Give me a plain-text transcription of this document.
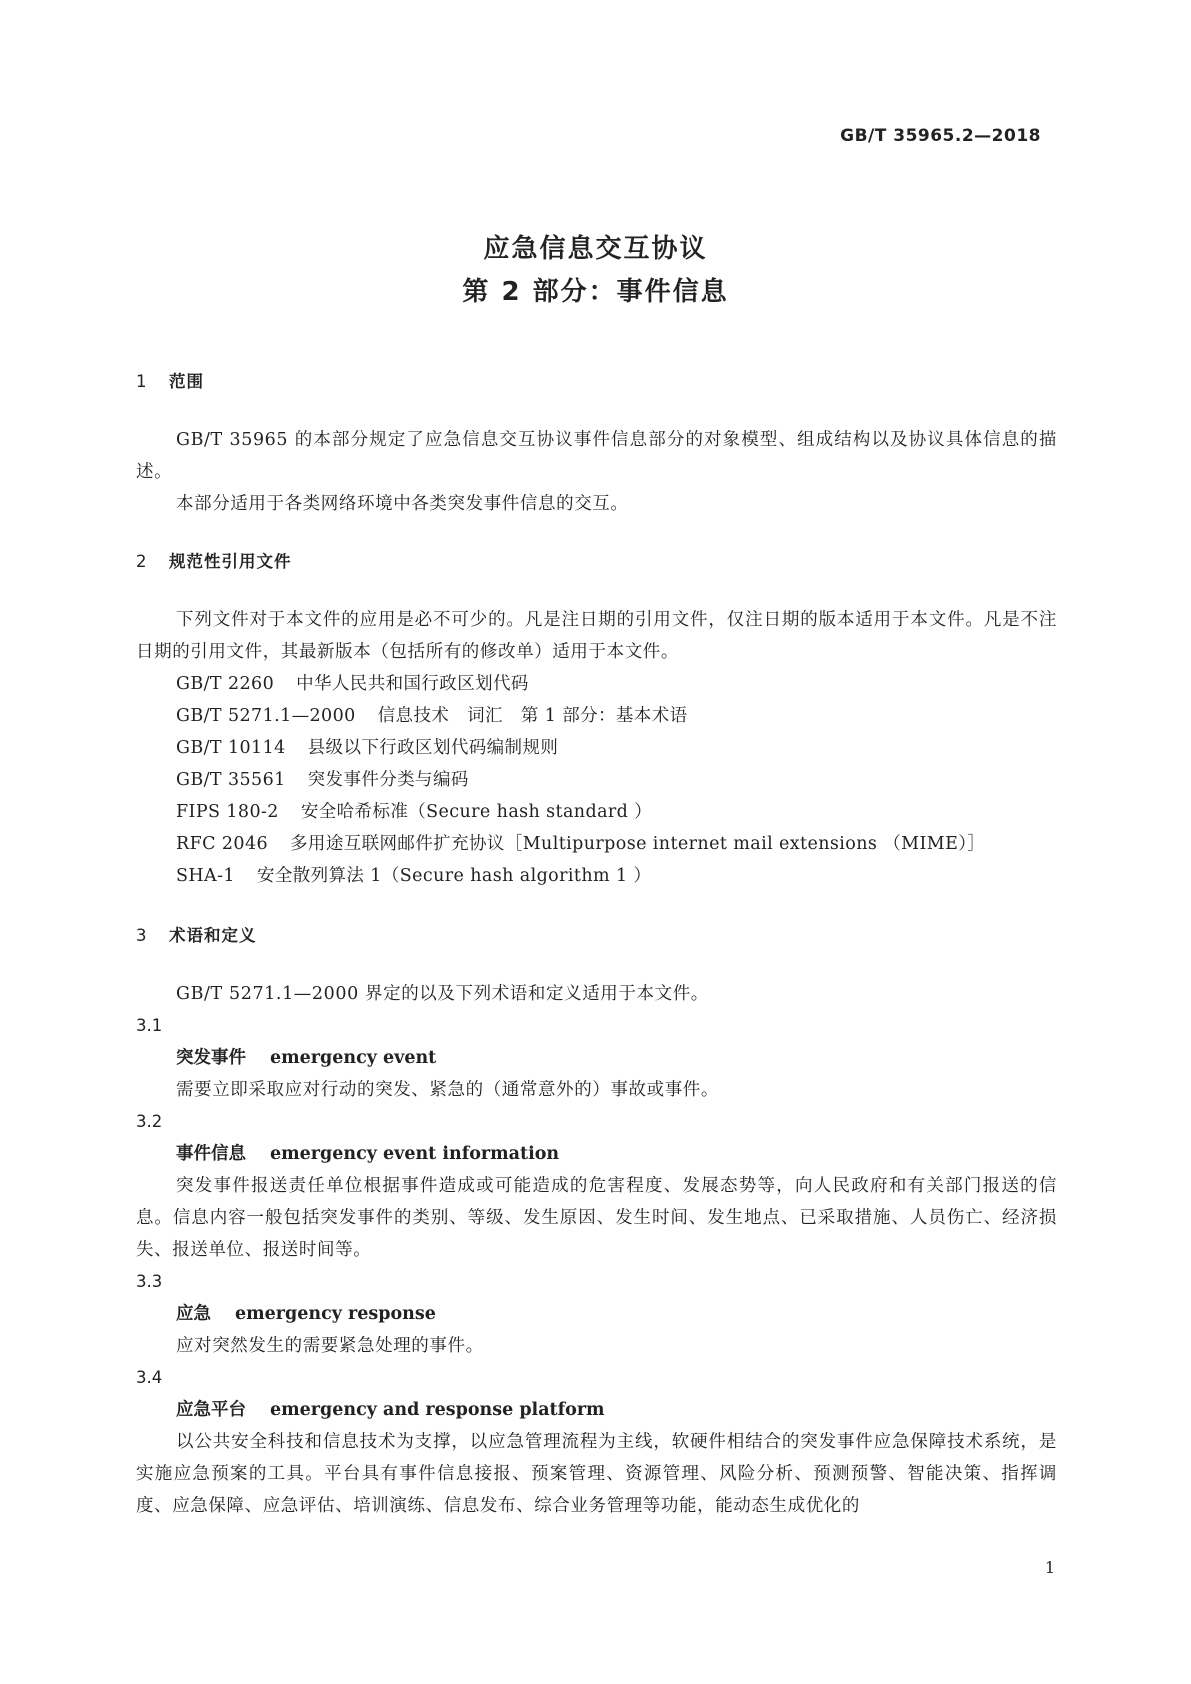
GB/T 35965.2—2018
应急信息交互协议
第 2 部分：事件信息
1 范围

GB/T 35965 的本部分规定了应急信息交互协议事件信息部分的对象模型、组成结构以及协议具体信息的描述。

本部分适用于各类网络环境中各类突发事件信息的交互。

2 规范性引用文件

下列文件对于本文件的应用是必不可少的。凡是注日期的引用文件，仅注日期的版本适用于本文件。凡是不注日期的引用文件，其最新版本（包括所有的修改单）适用于本文件。

GB/T 2260 中华人民共和国行政区划代码

GB/T 5271.1—2000 信息技术　词汇　第 1 部分：基本术语

GB/T 10114 县级以下行政区划代码编制规则

GB/T 35561 突发事件分类与编码

FIPS 180-2 安全哈希标准（Secure hash standard ）

RFC 2046 多用途互联网邮件扩充协议［Multipurpose internet mail extensions （MIME）］

SHA-1 安全散列算法 1（Secure hash algorithm 1 ）

3 术语和定义

GB/T 5271.1—2000 界定的以及下列术语和定义适用于本文件。

3.1

突发事件 emergency event

需要立即采取应对行动的突发、紧急的（通常意外的）事故或事件。

3.2

事件信息 emergency event information

突发事件报送责任单位根据事件造成或可能造成的危害程度、发展态势等，向人民政府和有关部门报送的信息。信息内容一般包括突发事件的类别、等级、发生原因、发生时间、发生地点、已采取措施、人员伤亡、经济损失、报送单位、报送时间等。

3.3

应急 emergency response

应对突然发生的需要紧急处理的事件。

3.4

应急平台 emergency and response platform

以公共安全科技和信息技术为支撑，以应急管理流程为主线，软硬件相结合的突发事件应急保障技术系统，是实施应急预案的工具。平台具有事件信息接报、预案管理、资源管理、风险分析、预测预警、智能决策、指挥调度、应急保障、应急评估、培训演练、信息发布、综合业务管理等功能，能动态生成优化的

1
